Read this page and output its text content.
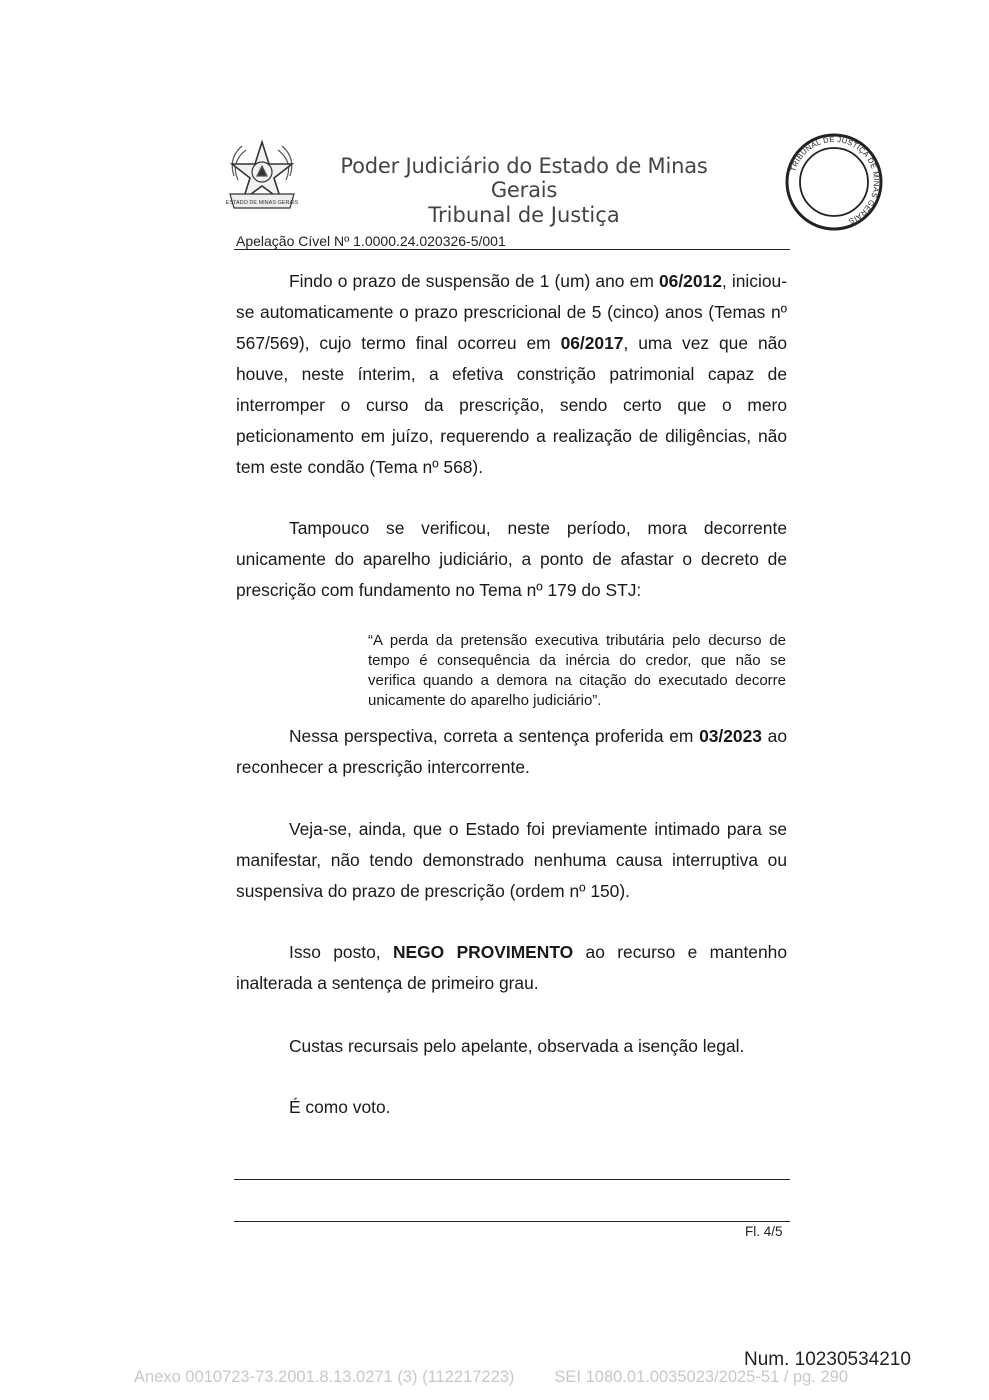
ESTADO DE MINAS GERAIS
Poder Judiciário do Estado de Minas Gerais
Tribunal de Justiça
TRIBUNAL DE JUSTIÇA DE MINAS GERAIS
Apelação Cível Nº 1.0000.24.020326-5/001
Findo o prazo de suspensão de 1 (um) ano em 06/2012, iniciou-se automaticamente o prazo prescricional de 5 (cinco) anos (Temas nº 567/569), cujo termo final ocorreu em 06/2017, uma vez que não houve, neste ínterim, a efetiva constrição patrimonial capaz de interromper o curso da prescrição, sendo certo que o mero peticionamento em juízo, requerendo a realização de diligências, não tem este condão (Tema nº 568).
Tampouco se verificou, neste período, mora decorrente unicamente do aparelho judiciário, a ponto de afastar o decreto de prescrição com fundamento no Tema nº 179 do STJ:
“A perda da pretensão executiva tributária pelo decurso de tempo é consequência da inércia do credor, que não se verifica quando a demora na citação do executado decorre unicamente do aparelho judiciário”.
Nessa perspectiva, correta a sentença proferida em 03/2023 ao reconhecer a prescrição intercorrente.
Veja-se, ainda, que o Estado foi previamente intimado para se manifestar, não tendo demonstrado nenhuma causa interruptiva ou suspensiva do prazo de prescrição (ordem nº 150).
Isso posto, NEGO PROVIMENTO ao recurso e mantenho inalterada a sentença de primeiro grau.
Custas recursais pelo apelante, observada a isenção legal.
É como voto.
Fl. 4/5
Num. 10230534210
Anexo 0010723-73.2001.8.13.0271 (3) (112217223) SEI 1080.01.0035023/2025-51 / pg. 290
